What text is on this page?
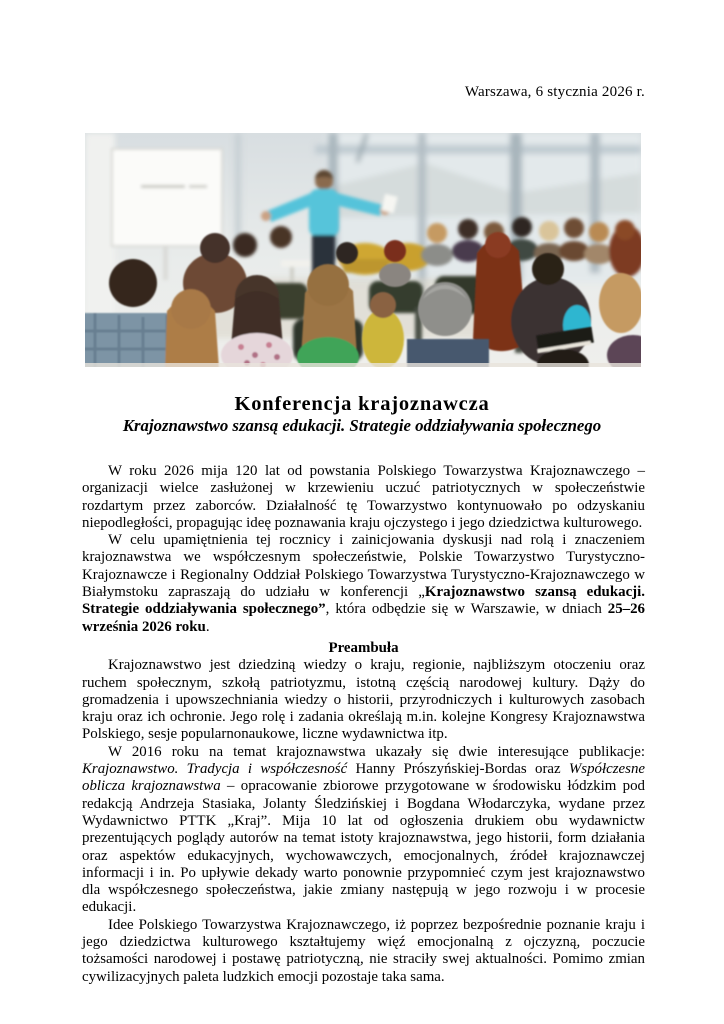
Warszawa, 6 stycznia 2026 r.
Konferencja krajoznawcza
Krajoznawstwo szansą edukacji. Strategie oddziaływania społecznego

W roku 2026 mija 120 lat od powstania Polskiego Towarzystwa Krajoznawczego – organizacji wielce zasłużonej w krzewieniu uczuć patriotycznych w społeczeństwie rozdartym przez zaborców. Działalność tę Towarzystwo kontynuowało po odzyskaniu niepodległości, propagując ideę poznawania kraju ojczystego i jego dziedzictwa kulturowego.

W celu upamiętnienia tej rocznicy i zainicjowania dyskusji nad rolą i znaczeniem krajoznawstwa we współczesnym społeczeństwie, Polskie Towarzystwo Turystyczno-Krajoznawcze i Regionalny Oddział Polskiego Towarzystwa Turystyczno-Krajoznawczego w Białymstoku zapraszają do udziału w konferencji „Krajoznawstwo szansą edukacji. Strategie oddziaływania społecznego”, która odbędzie się w Warszawie, w dniach 25–26 września 2026 roku.

Preambuła

Krajoznawstwo jest dziedziną wiedzy o kraju, regionie, najbliższym otoczeniu oraz ruchem społecznym, szkołą patriotyzmu, istotną częścią narodowej kultury. Dąży do gromadzenia i upowszechniania wiedzy o historii, przyrodniczych i kulturowych zasobach kraju oraz ich ochronie. Jego rolę i zadania określają m.in. kolejne Kongresy Krajoznawstwa Polskiego, sesje popularnonaukowe, liczne wydawnictwa itp.

W 2016 roku na temat krajoznawstwa ukazały się dwie interesujące publikacje: Krajoznawstwo. Tradycja i współczesność Hanny Prószyńskiej-Bordas oraz Współczesne oblicza krajoznawstwa – opracowanie zbiorowe przygotowane w środowisku łódzkim pod redakcją Andrzeja Stasiaka, Jolanty Śledzińskiej i Bogdana Włodarczyka, wydane przez Wydawnictwo PTTK „Kraj”. Mija 10 lat od ogłoszenia drukiem obu wydawnictw prezentujących poglądy autorów na temat istoty krajoznawstwa, jego historii, form działania oraz aspektów edukacyjnych, wychowawczych, emocjonalnych, źródeł krajoznawczej informacji i in. Po upływie dekady warto ponownie przypomnieć czym jest krajoznawstwo dla współczesnego społeczeństwa, jakie zmiany następują w jego rozwoju i w procesie edukacji.

Idee Polskiego Towarzystwa Krajoznawczego, iż poprzez bezpośrednie poznanie kraju i jego dziedzictwa kulturowego kształtujemy więź emocjonalną z ojczyzną, poczucie tożsamości narodowej i postawę patriotyczną, nie straciły swej aktualności. Pomimo zmian cywilizacyjnych paleta ludzkich emocji pozostaje taka sama.
